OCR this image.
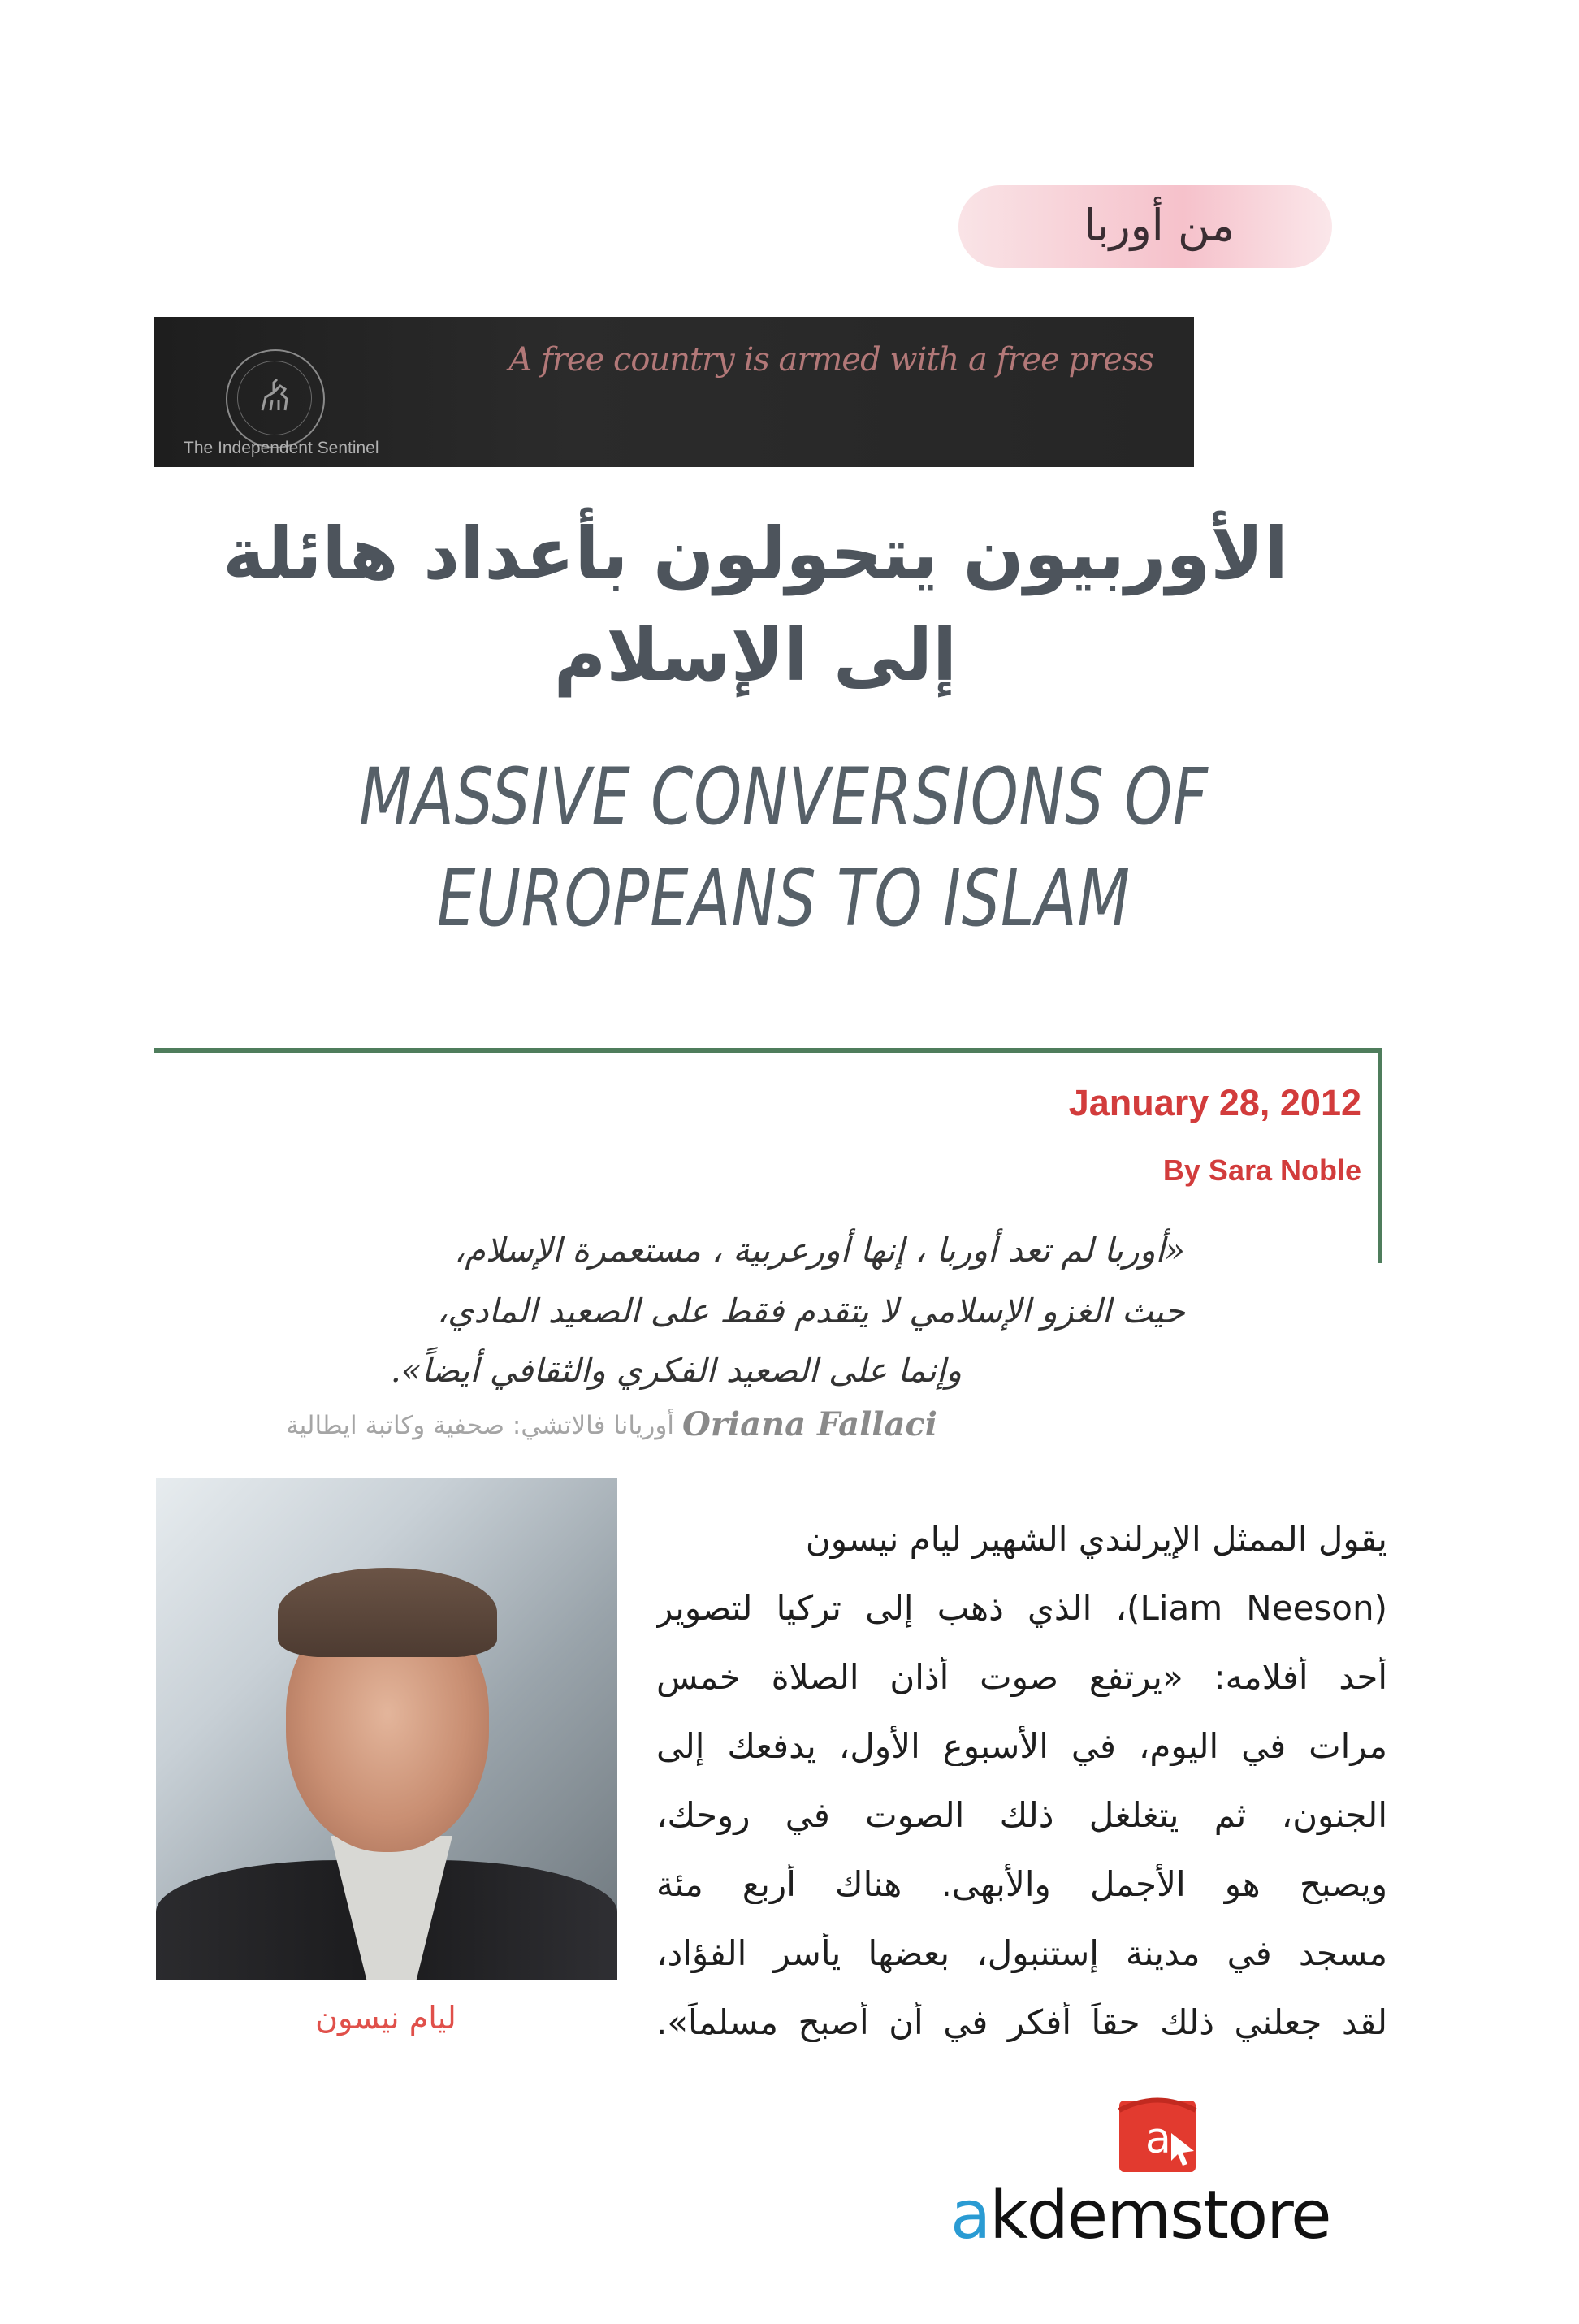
من أوربا
The Independent Sentinel
A free country is armed with a free press
الأوربيون يتحولون بأعداد هائلة
إلى الإسلام
MASSIVE CONVERSIONS OF
EUROPEANS TO ISLAM
January 28, 2012
By Sara Noble
«أوربا لم تعد أوربا ، إنها أورعربية ، مستعمرة الإسلام،
حيث الغزو الإسلامي لا يتقدم فقط على الصعيد المادي،
وإنما على الصعيد الفكري والثقافي أيضاً».
Oriana Fallaci
أوريانا فالاتشي: صحفية وكاتبة ايطالية
ليام نيسون
يقول الممثل الإيرلندي الشهير ليام نيسون
(Liam Neeson)، الذي ذهب إلى تركيا لتصوير
أحد أفلامه: «يرتفع صوت أذان الصلاة خمس
مرات في اليوم، في الأسبوع الأول، يدفعك إلى
الجنون، ثم يتغلغل ذلك الصوت في روحك،
ويصبح هو الأجمل والأبهى. هناك أربع مئة
مسجد في مدينة إستنبول، بعضها يأسر الفؤاد،
لقد جعلني ذلك حقاً أفكر في أن أصبح مسلماً».
a
akdemstore
